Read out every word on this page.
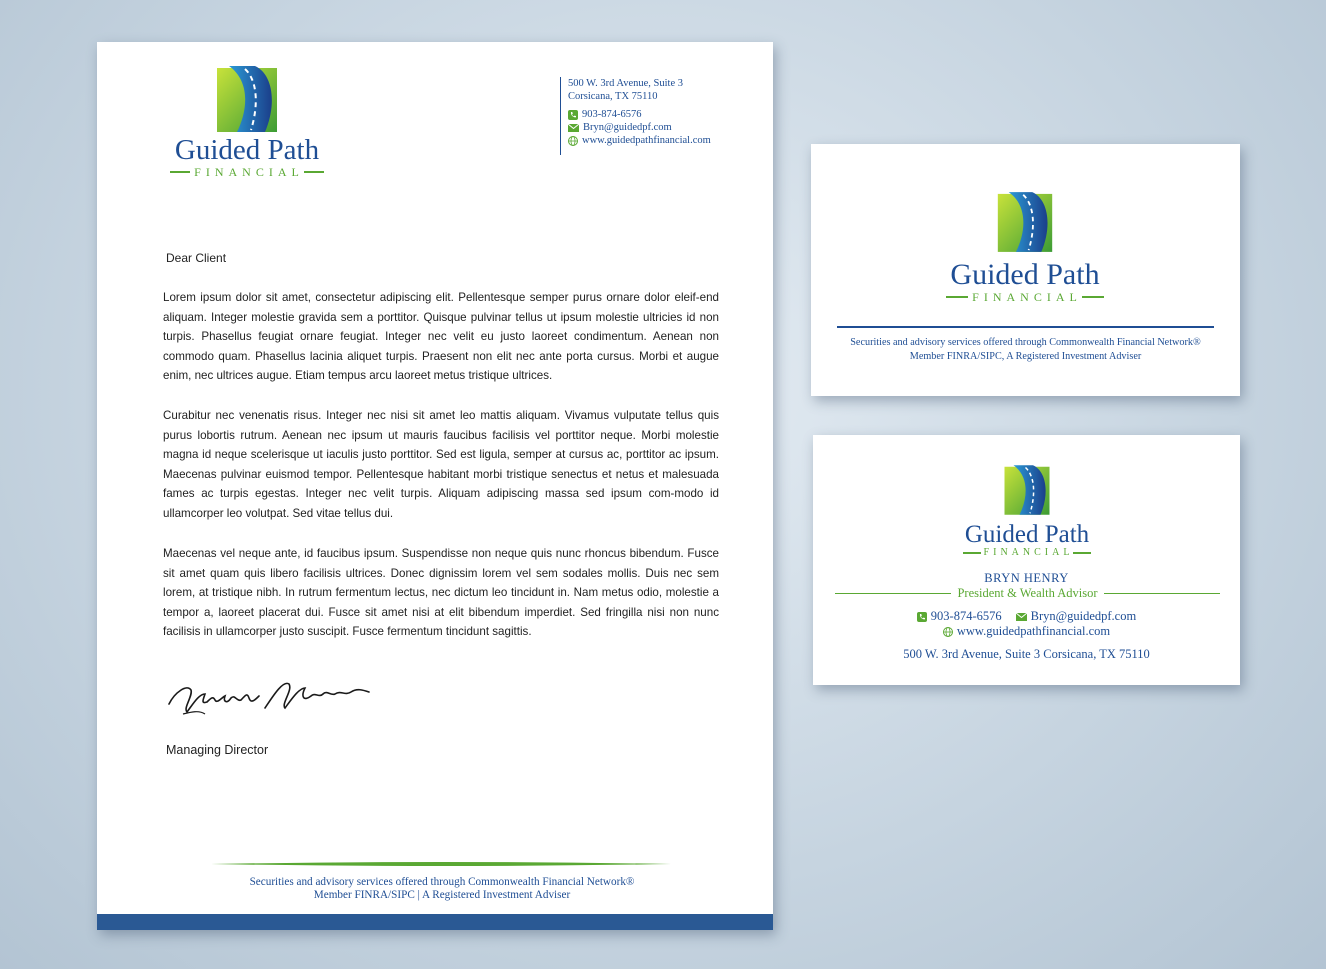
Guided Path
FINANCIAL
500 W. 3rd Avenue, Suite 3
Corsicana, TX 75110
903-874-6576
Bryn@guidedpf.com
www.guidedpathfinancial.com
Dear Client

Lorem ipsum dolor sit amet, consectetur adipiscing elit. Pellentesque semper purus ornare dolor eleif-end aliquam. Integer molestie gravida sem a porttitor. Quisque pulvinar tellus ut ipsum molestie ultricies id non turpis. Phasellus feugiat ornare feugiat. Integer nec velit eu justo laoreet condimentum. Aenean non commodo quam. Phasellus lacinia aliquet turpis. Praesent non elit nec ante porta cursus. Morbi et augue enim, nec ultrices augue. Etiam tempus arcu laoreet metus tristique ultrices.

Curabitur nec venenatis risus. Integer nec nisi sit amet leo mattis aliquam. Vivamus vulputate tellus quis purus lobortis rutrum. Aenean nec ipsum ut mauris faucibus facilisis vel porttitor neque. Morbi molestie magna id neque scelerisque ut iaculis justo porttitor. Sed est ligula, semper at cursus ac, porttitor ac ipsum. Maecenas pulvinar euismod tempor. Pellentesque habitant morbi tristique senectus et netus et malesuada fames ac turpis egestas. Integer nec velit turpis. Aliquam adipiscing massa sed ipsum com-modo id ullamcorper leo volutpat. Sed vitae tellus dui.

Maecenas vel neque ante, id faucibus ipsum. Suspendisse non neque quis nunc rhoncus bibendum. Fusce sit amet quam quis libero facilisis ultrices. Donec dignissim lorem vel sem sodales mollis. Duis nec sem lorem, at tristique nibh. In rutrum fermentum lectus, nec dictum leo tincidunt in. Nam metus odio, molestie a tempor a, laoreet placerat dui. Fusce sit amet nisi at elit bibendum imperdiet. Sed fringilla nisi non nunc facilisis in ullamcorper justo suscipit. Fusce fermentum tincidunt sagittis.

Managing Director
Securities and advisory services offered through Commonwealth Financial Network®
Member FINRA/SIPC | A Registered Investment Adviser
Guided Path
FINANCIAL
Securities and advisory services offered through Commonwealth Financial Network®
Member FINRA/SIPC, A Registered Investment Adviser
Guided Path
FINANCIAL
BRYN HENRY
President & Wealth Advisor
903-874-6576 Bryn@guidedpf.com
www.guidedpathfinancial.com
500 W. 3rd Avenue, Suite 3 Corsicana, TX 75110
